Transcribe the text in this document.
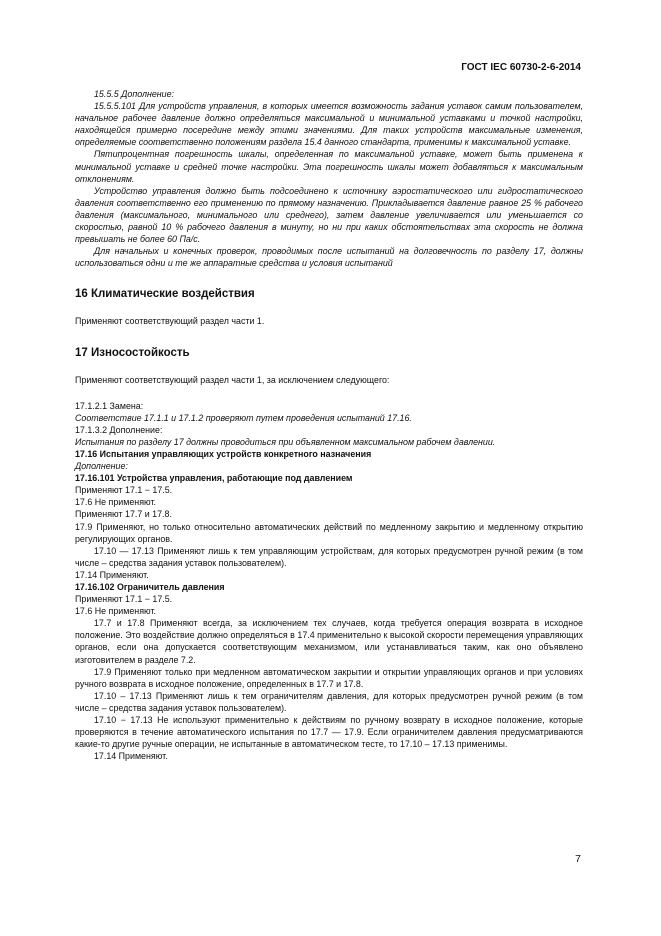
ГОСТ IEC 60730-2-6-2014

15.5.5 Дополнение:

15.5.5.101 Для устройств управления, в которых имеется возможность задания уставок самим пользователем, начальное рабочее давление должно определяться максимальной и минимальной уставками и точкой настройки, находящейся примерно посередине между этими значениями. Для таких устройств максимальные изменения, определяемые соответственно положениям раздела 15.4 данного стандарта, применимы к максимальной уставке.

Пятипроцентная погрешность шкалы, определенная по максимальной уставке, может быть применена к минимальной уставке и средней точке настройки. Эта погрешность шкалы может добавляться к максимальным отклонениям.

Устройство управления должно быть подсоединено к источнику аэростатического или гидростатического давления соответственно его применению по прямому назначению. Прикладывается давление равное 25 % рабочего давления (максимального, минимального или среднего), затем давление увеличивается или уменьшается со скоростью, равной 10 % рабочего давления в минуту, но ни при каких обстоятельствах эта скорость не должна превышать не более 60 Па/с.

Для начальных и конечных проверок, проводимых после испытаний на долговечность по разделу 17, должны использоваться одни и те же аппаратные средства и условия испытаний

16 Климатические воздействия

Применяют соответствующий раздел части 1.

17 Износостойкость

Применяют соответствующий раздел части 1, за исключением следующего:

17.1.2.1 Замена:

Соответствие 17.1.1 и 17.1.2 проверяют путем проведения испытаний 17.16.

17.1.3.2 Дополнение:

Испытания по разделу 17 должны проводиться при объявленном максимальном рабочем давлении.

17.16 Испытания управляющих устройств конкретного назначения

Дополнение:

17.16.101 Устройства управления, работающие под давлением

Применяют 17.1 − 17.5.

17.6 Не применяют.

Применяют 17.7 и 17.8.

17.9 Применяют, но только относительно автоматических действий по медленному закрытию и медленному открытию регулирующих органов.

17.10 — 17.13 Применяют лишь к тем управляющим устройствам, для которых предусмотрен ручной режим (в том числе – средства задания уставок пользователем).

17.14 Применяют.

17.16.102 Ограничитель давления

Применяют 17.1 − 17.5.

17.6 Не применяют.

17.7 и 17.8 Применяют всегда, за исключением тех случаев, когда требуется операция возврата в исходное положение. Это воздействие должно определяться в 17.4 применительно к высокой скорости перемещения управляющих органов, если она допускается соответствующим механизмом, или устанавливаться таким, как оно объявлено изготовителем в разделе 7.2.

17.9 Применяют только при медленном автоматическом закрытии и открытии управляющих органов и при условиях ручного возврата в исходное положение, определенных в 17.7 и 17.8.

17.10 – 17.13 Применяют лишь к тем ограничителям давления, для которых предусмотрен ручной режим (в том числе – средства задания уставок пользователем).

17.10 − 17.13 Не используют применительно к действиям по ручному возврату в исходное положение, которые проверяются в течение автоматического испытания по 17.7 — 17.9. Если ограничителем давления предусматриваются какие-то другие ручные операции, не испытанные в автоматическом тесте, то 17.10 – 17.13 применимы.

17.14 Применяют.

7
